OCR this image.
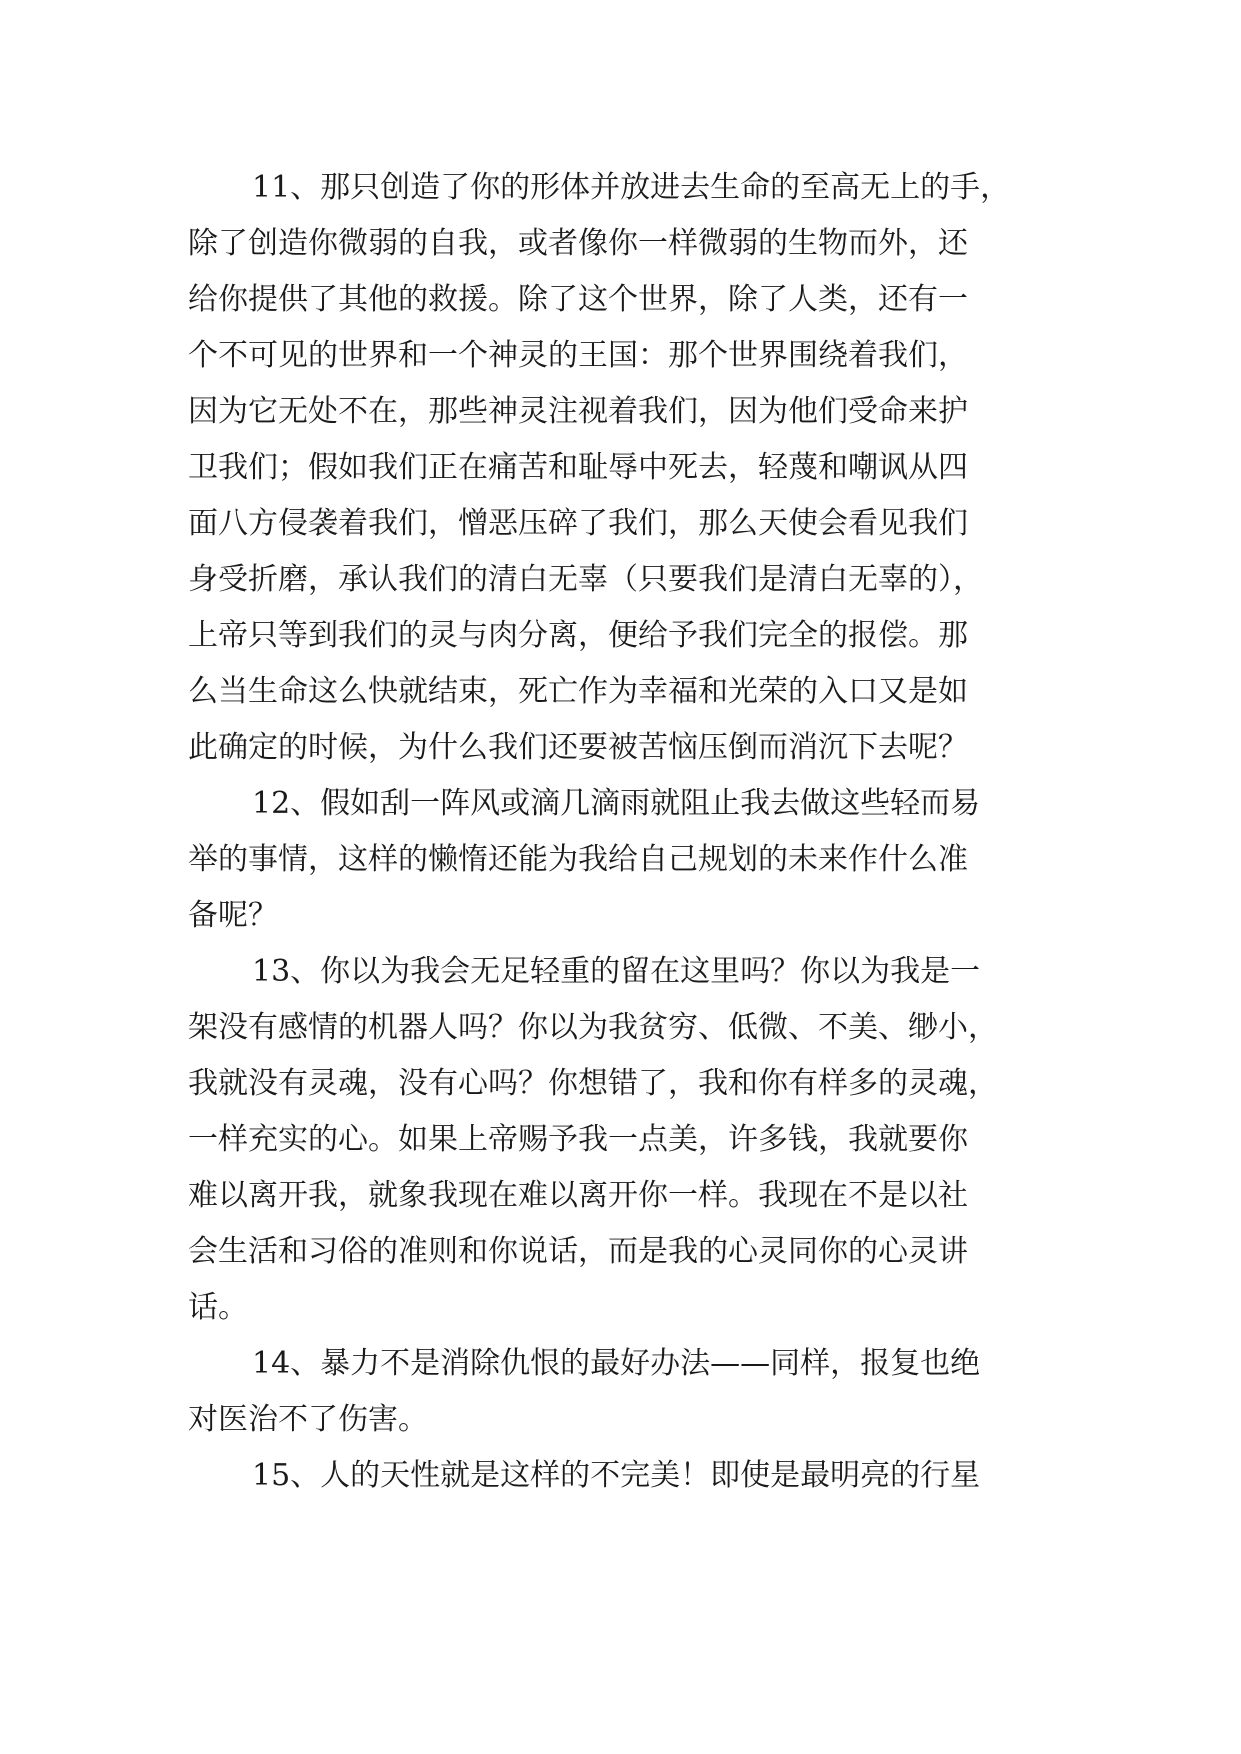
11、那只创造了你的形体并放进去生命的至高无上的手，
除了创造你微弱的自我，或者像你一样微弱的生物而外，还
给你提供了其他的救援。除了这个世界，除了人类，还有一
个不可见的世界和一个神灵的王国：那个世界围绕着我们，
因为它无处不在，那些神灵注视着我们，因为他们受命来护
卫我们；假如我们正在痛苦和耻辱中死去，轻蔑和嘲讽从四
面八方侵袭着我们，憎恶压碎了我们，那么天使会看见我们
身受折磨，承认我们的清白无辜（只要我们是清白无辜的），
上帝只等到我们的灵与肉分离，便给予我们完全的报偿。那
么当生命这么快就结束，死亡作为幸福和光荣的入口又是如
此确定的时候，为什么我们还要被苦恼压倒而消沉下去呢？
12、假如刮一阵风或滴几滴雨就阻止我去做这些轻而易
举的事情，这样的懒惰还能为我给自己规划的未来作什么准
备呢？
13、你以为我会无足轻重的留在这里吗？你以为我是一
架没有感情的机器人吗？你以为我贫穷、低微、不美、缈小，
我就没有灵魂，没有心吗？你想错了，我和你有样多的灵魂，
一样充实的心。如果上帝赐予我一点美，许多钱，我就要你
难以离开我，就象我现在难以离开你一样。我现在不是以社
会生活和习俗的准则和你说话，而是我的心灵同你的心灵讲
话。
14、暴力不是消除仇恨的最好办法——同样，报复也绝
对医治不了伤害。
15、人的天性就是这样的不完美！即使是最明亮的行星
